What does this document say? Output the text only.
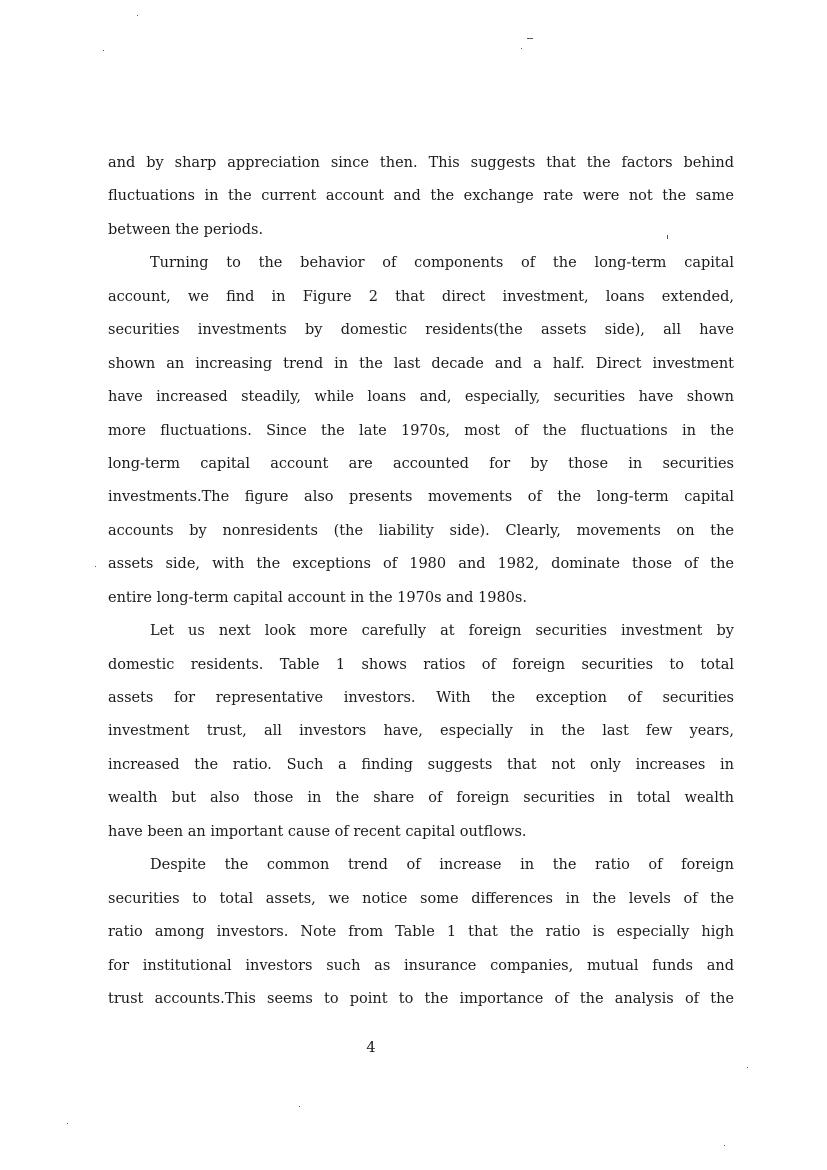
and by sharp appreciation since then. This suggests that the factors behind
fluctuations in the current account and the exchange rate were not the same
between the periods.
Turning to the behavior of components of the long-term capital
account, we find in Figure 2 that direct investment, loans extended,
securities investments by domestic residents(the assets side), all have
shown an increasing trend in the last decade and a half. Direct investment
have increased steadily, while loans and, especially, securities have shown
more fluctuations. Since the late 1970s, most of the fluctuations in the
long-term capital account are accounted for by those in securities
investments.The figure also presents movements of the long-term capital
accounts by nonresidents (the liability side). Clearly, movements on the
assets side, with the exceptions of 1980 and 1982, dominate those of the
entire long-term capital account in the 1970s and 1980s.
Let us next look more carefully at foreign securities investment by
domestic residents. Table 1 shows ratios of foreign securities to total
assets for representative investors. With the exception of securities
investment trust, all investors have, especially in the last few years,
increased the ratio. Such a finding suggests that not only increases in
wealth but also those in the share of foreign securities in total wealth
have been an important cause of recent capital outflows.
Despite the common trend of increase in the ratio of foreign
securities to total assets, we notice some differences in the levels of the
ratio among investors. Note from Table 1 that the ratio is especially high
for institutional investors such as insurance companies, mutual funds and
trust accounts.This seems to point to the importance of the analysis of the
4
